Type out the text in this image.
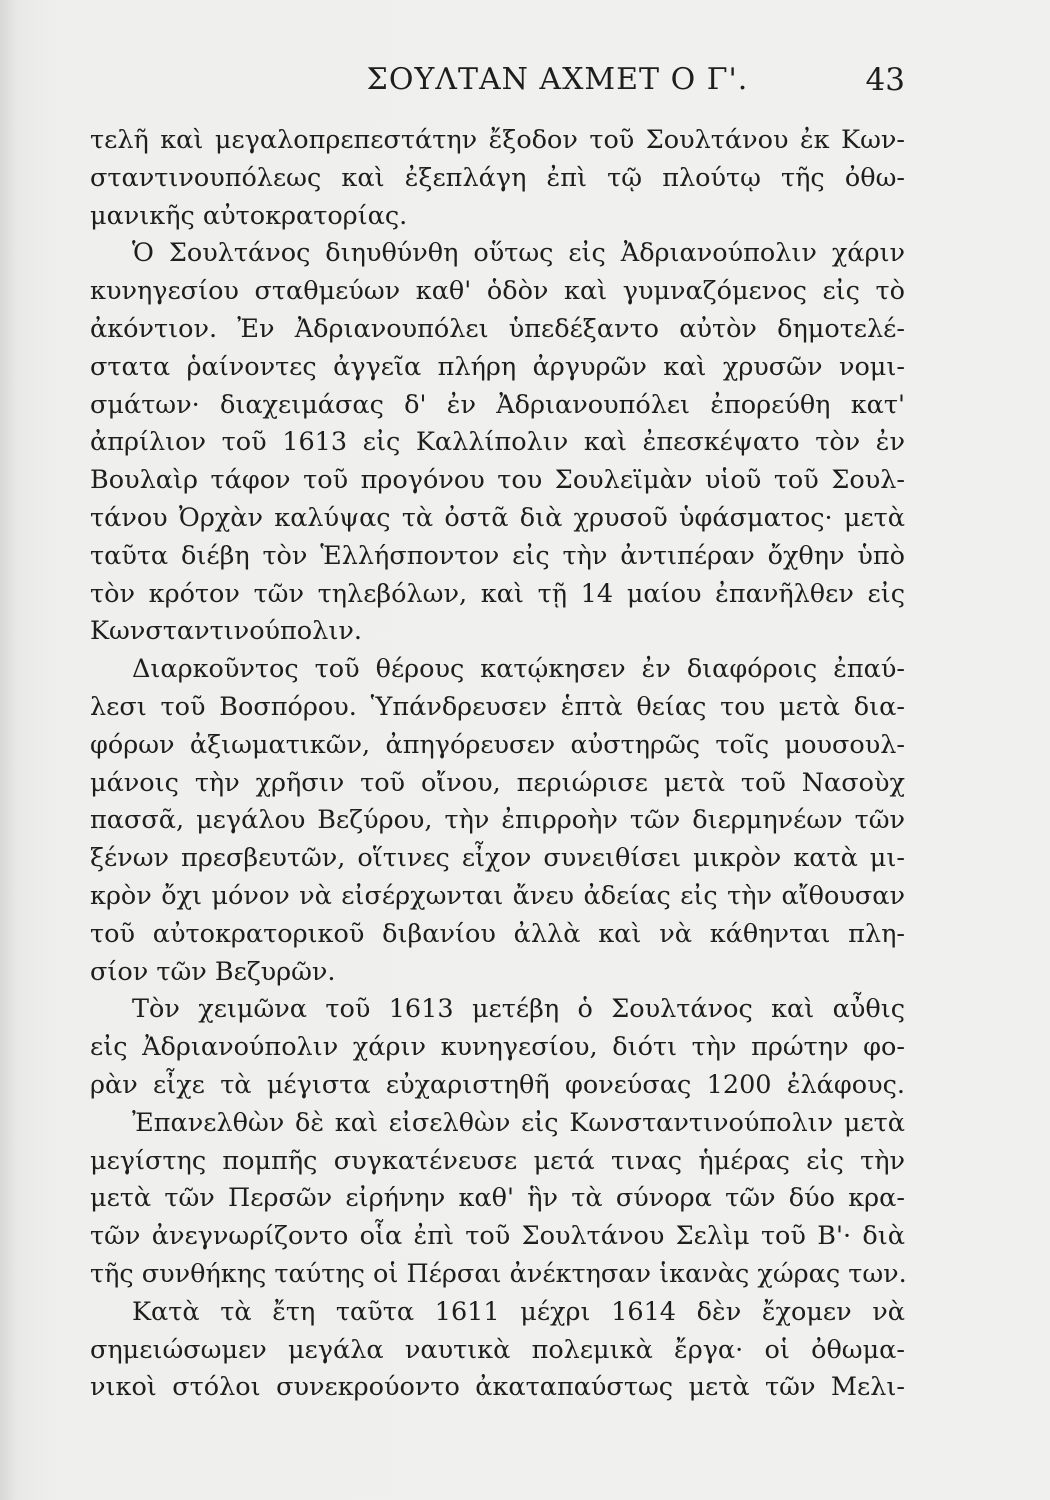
ΣΟΥΛΤΑΝ ΑΧΜΕΤ Ο Γ'.	43
τελῆ καὶ μεγαλοπρεπεστάτην ἔξοδον τοῦ Σουλτάνου ἐκ Κων-
σταντινουπόλεως καὶ ἐξεπλάγη ἐπὶ τῷ πλούτῳ τῆς ὀθω-
μανικῆς αὐτοκρατορίας.
Ὁ Σουλτάνος διηυθύνθη οὕτως εἰς Ἀδριανούπολιν χάριν
κυνηγεσίου σταθμεύων καθ' ὁδὸν καὶ γυμναζόμενος εἰς τὸ
ἀκόντιον. Ἐν Ἀδριανουπόλει ὑπεδέξαντο αὐτὸν δημοτελέ-
στατα ῥαίνοντες ἀγγεῖα πλήρη ἀργυρῶν καὶ χρυσῶν νομι-
σμάτων· διαχειμάσας δ' ἐν Ἀδριανουπόλει ἐπορεύθη κατ'
ἀπρίλιον τοῦ 1613 εἰς Καλλίπολιν καὶ ἐπεσκέψατο τὸν ἐν
Βουλαὶρ τάφον τοῦ προγόνου του Σουλεϊμὰν υἱοῦ τοῦ Σουλ-
τάνου Ὀρχὰν καλύψας τὰ ὀστᾶ διὰ χρυσοῦ ὑφάσματος· μετὰ
ταῦτα διέβη τὸν Ἑλλήσποντον εἰς τὴν ἀντιπέραν ὄχθην ὑπὸ
τὸν κρότον τῶν τηλεβόλων, καὶ τῇ 14 μαίου ἐπανῆλθεν εἰς
Κωνσταντινούπολιν.
Διαρκοῦντος τοῦ θέρους κατῴκησεν ἐν διαφόροις ἐπαύ-
λεσι τοῦ Βοσπόρου. Ὑπάνδρευσεν ἑπτὰ θείας του μετὰ δια-
φόρων ἀξιωματικῶν, ἀπηγόρευσεν αὐστηρῶς τοῖς μουσουλ-
μάνοις τὴν χρῆσιν τοῦ οἴνου, περιώρισε μετὰ τοῦ Νασοὺχ
πασσᾶ, μεγάλου Βεζύρου, τὴν ἐπιρροὴν τῶν διερμηνέων τῶν
ξένων πρεσβευτῶν, οἵτινες εἶχον συνειθίσει μικρὸν κατὰ μι-
κρὸν ὄχι μόνον νὰ εἰσέρχωνται ἄνευ ἀδείας εἰς τὴν αἴθουσαν
τοῦ αὐτοκρατορικοῦ διβανίου ἀλλὰ καὶ νὰ κάθηνται πλη-
σίον τῶν Βεζυρῶν.
Τὸν χειμῶνα τοῦ 1613 μετέβη ὁ Σουλτάνος καὶ αὖθις
εἰς Ἀδριανούπολιν χάριν κυνηγεσίου, διότι τὴν πρώτην φο-
ρὰν εἶχε τὰ μέγιστα εὐχαριστηθῆ φονεύσας 1200 ἐλάφους.
Ἐπανελθὼν δὲ καὶ εἰσελθὼν εἰς Κωνσταντινούπολιν μετὰ
μεγίστης πομπῆς συγκατένευσε μετά τινας ἡμέρας εἰς τὴν
μετὰ τῶν Περσῶν εἰρήνην καθ' ἣν τὰ σύνορα τῶν δύο κρα-
τῶν ἀνεγνωρίζοντο οἷα ἐπὶ τοῦ Σουλτάνου Σελὶμ τοῦ Β'· διὰ
τῆς συνθήκης ταύτης οἱ Πέρσαι ἀνέκτησαν ἱκανὰς χώρας των.
Κατὰ τὰ ἔτη ταῦτα 1611 μέχρι 1614 δὲν ἔχομεν νὰ
σημειώσωμεν μεγάλα ναυτικὰ πολεμικὰ ἔργα· οἱ ὀθωμα-
νικοὶ στόλοι συνεκρούοντο ἀκαταπαύστως μετὰ τῶν Μελι-
